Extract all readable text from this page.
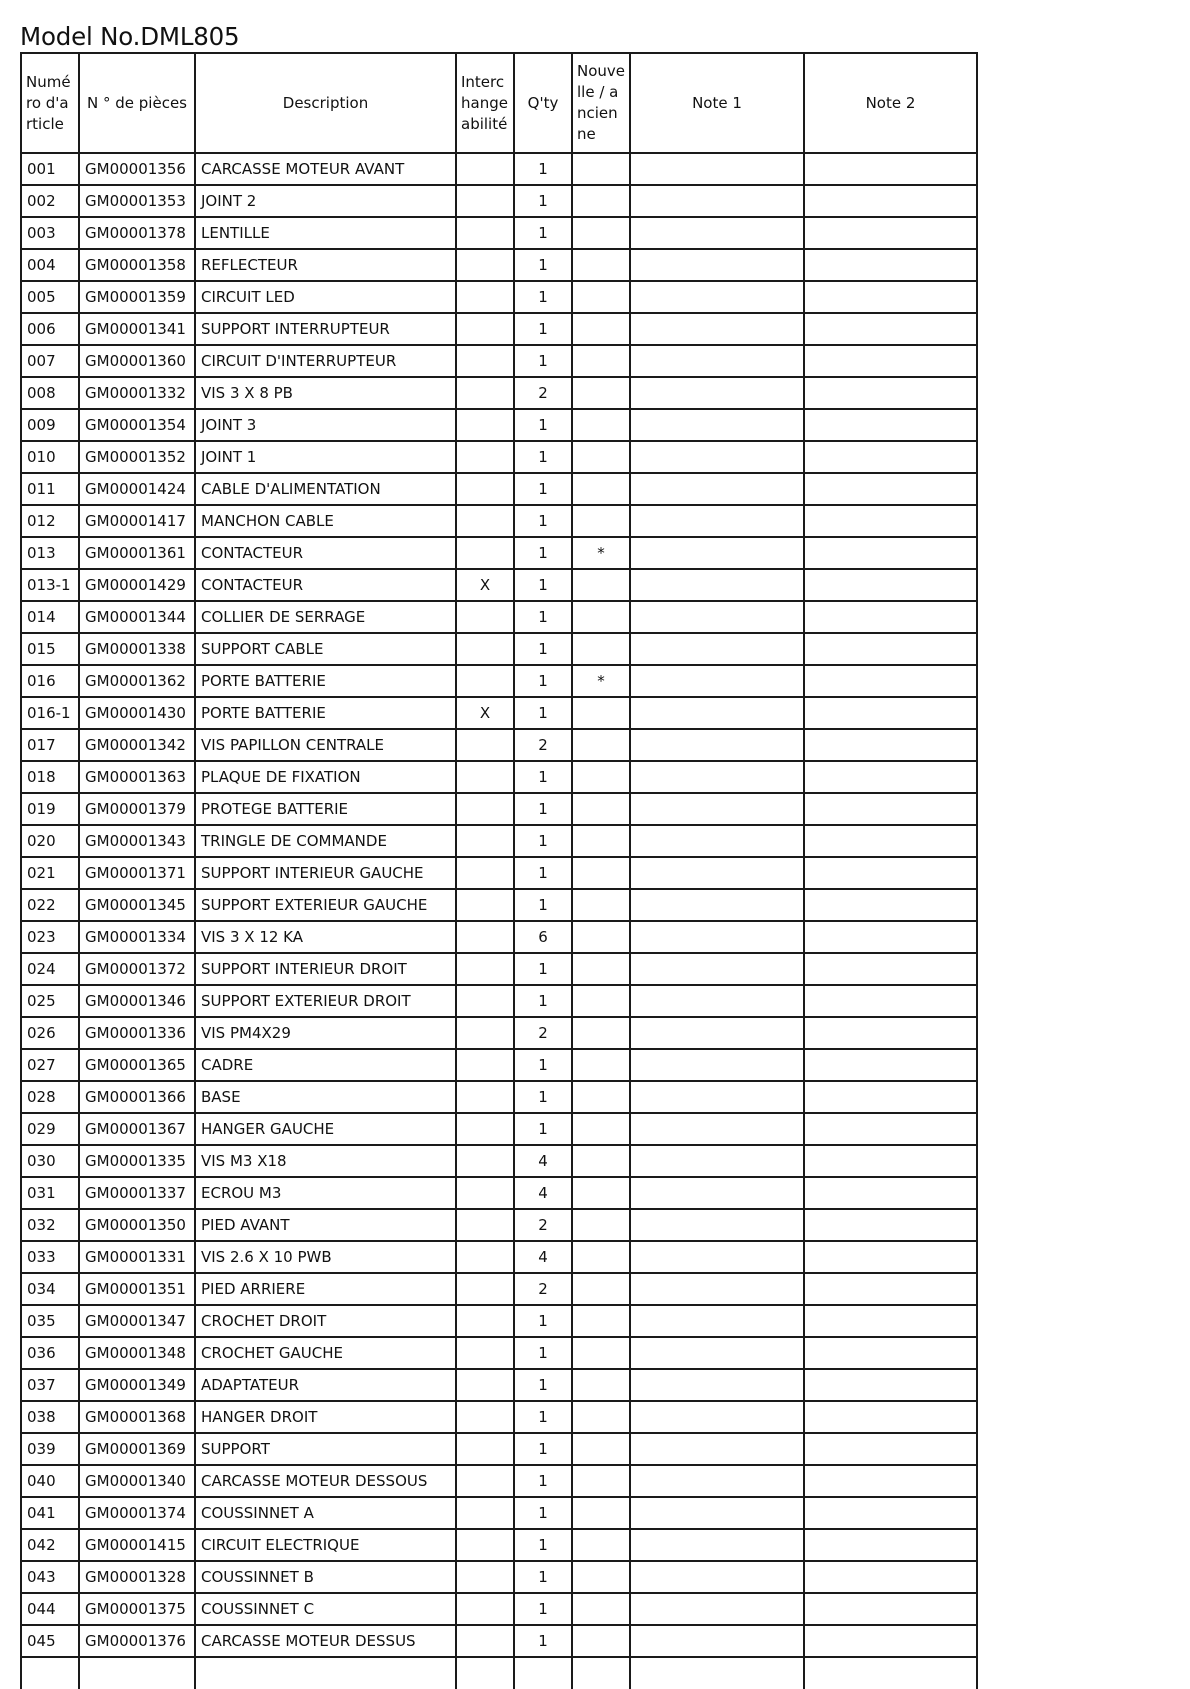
Model No.DML805
Numéro d'article	N ° de pièces	Description	Interchangeabilité	Q'ty	Nouvelle / ancienne	Note 1	Note 2
001	GM00001356	CARCASSE MOTEUR AVANT		1			
002	GM00001353	JOINT 2		1			
003	GM00001378	LENTILLE		1			
004	GM00001358	REFLECTEUR		1			
005	GM00001359	CIRCUIT LED		1			
006	GM00001341	SUPPORT INTERRUPTEUR		1			
007	GM00001360	CIRCUIT D'INTERRUPTEUR		1			
008	GM00001332	VIS 3 X 8 PB		2			
009	GM00001354	JOINT 3		1			
010	GM00001352	JOINT 1		1			
011	GM00001424	CABLE D'ALIMENTATION		1			
012	GM00001417	MANCHON CABLE		1			
013	GM00001361	CONTACTEUR		1	*		
013-1	GM00001429	CONTACTEUR	X	1			
014	GM00001344	COLLIER DE SERRAGE		1			
015	GM00001338	SUPPORT CABLE		1			
016	GM00001362	PORTE BATTERIE		1	*		
016-1	GM00001430	PORTE BATTERIE	X	1			
017	GM00001342	VIS PAPILLON CENTRALE		2			
018	GM00001363	PLAQUE DE FIXATION		1			
019	GM00001379	PROTEGE BATTERIE		1			
020	GM00001343	TRINGLE DE COMMANDE		1			
021	GM00001371	SUPPORT INTERIEUR GAUCHE		1			
022	GM00001345	SUPPORT EXTERIEUR GAUCHE		1			
023	GM00001334	VIS 3 X 12 KA		6			
024	GM00001372	SUPPORT INTERIEUR DROIT		1			
025	GM00001346	SUPPORT EXTERIEUR DROIT		1			
026	GM00001336	VIS PM4X29		2			
027	GM00001365	CADRE		1			
028	GM00001366	BASE		1			
029	GM00001367	HANGER GAUCHE		1			
030	GM00001335	VIS M3 X18		4			
031	GM00001337	ECROU M3		4			
032	GM00001350	PIED AVANT		2			
033	GM00001331	VIS 2.6 X 10 PWB		4			
034	GM00001351	PIED ARRIERE		2			
035	GM00001347	CROCHET DROIT		1			
036	GM00001348	CROCHET GAUCHE		1			
037	GM00001349	ADAPTATEUR		1			
038	GM00001368	HANGER DROIT		1			
039	GM00001369	SUPPORT		1			
040	GM00001340	CARCASSE MOTEUR DESSOUS		1			
041	GM00001374	COUSSINNET A		1			
042	GM00001415	CIRCUIT ELECTRIQUE		1			
043	GM00001328	COUSSINNET B		1			
044	GM00001375	COUSSINNET C		1			
045	GM00001376	CARCASSE MOTEUR DESSUS		1			
